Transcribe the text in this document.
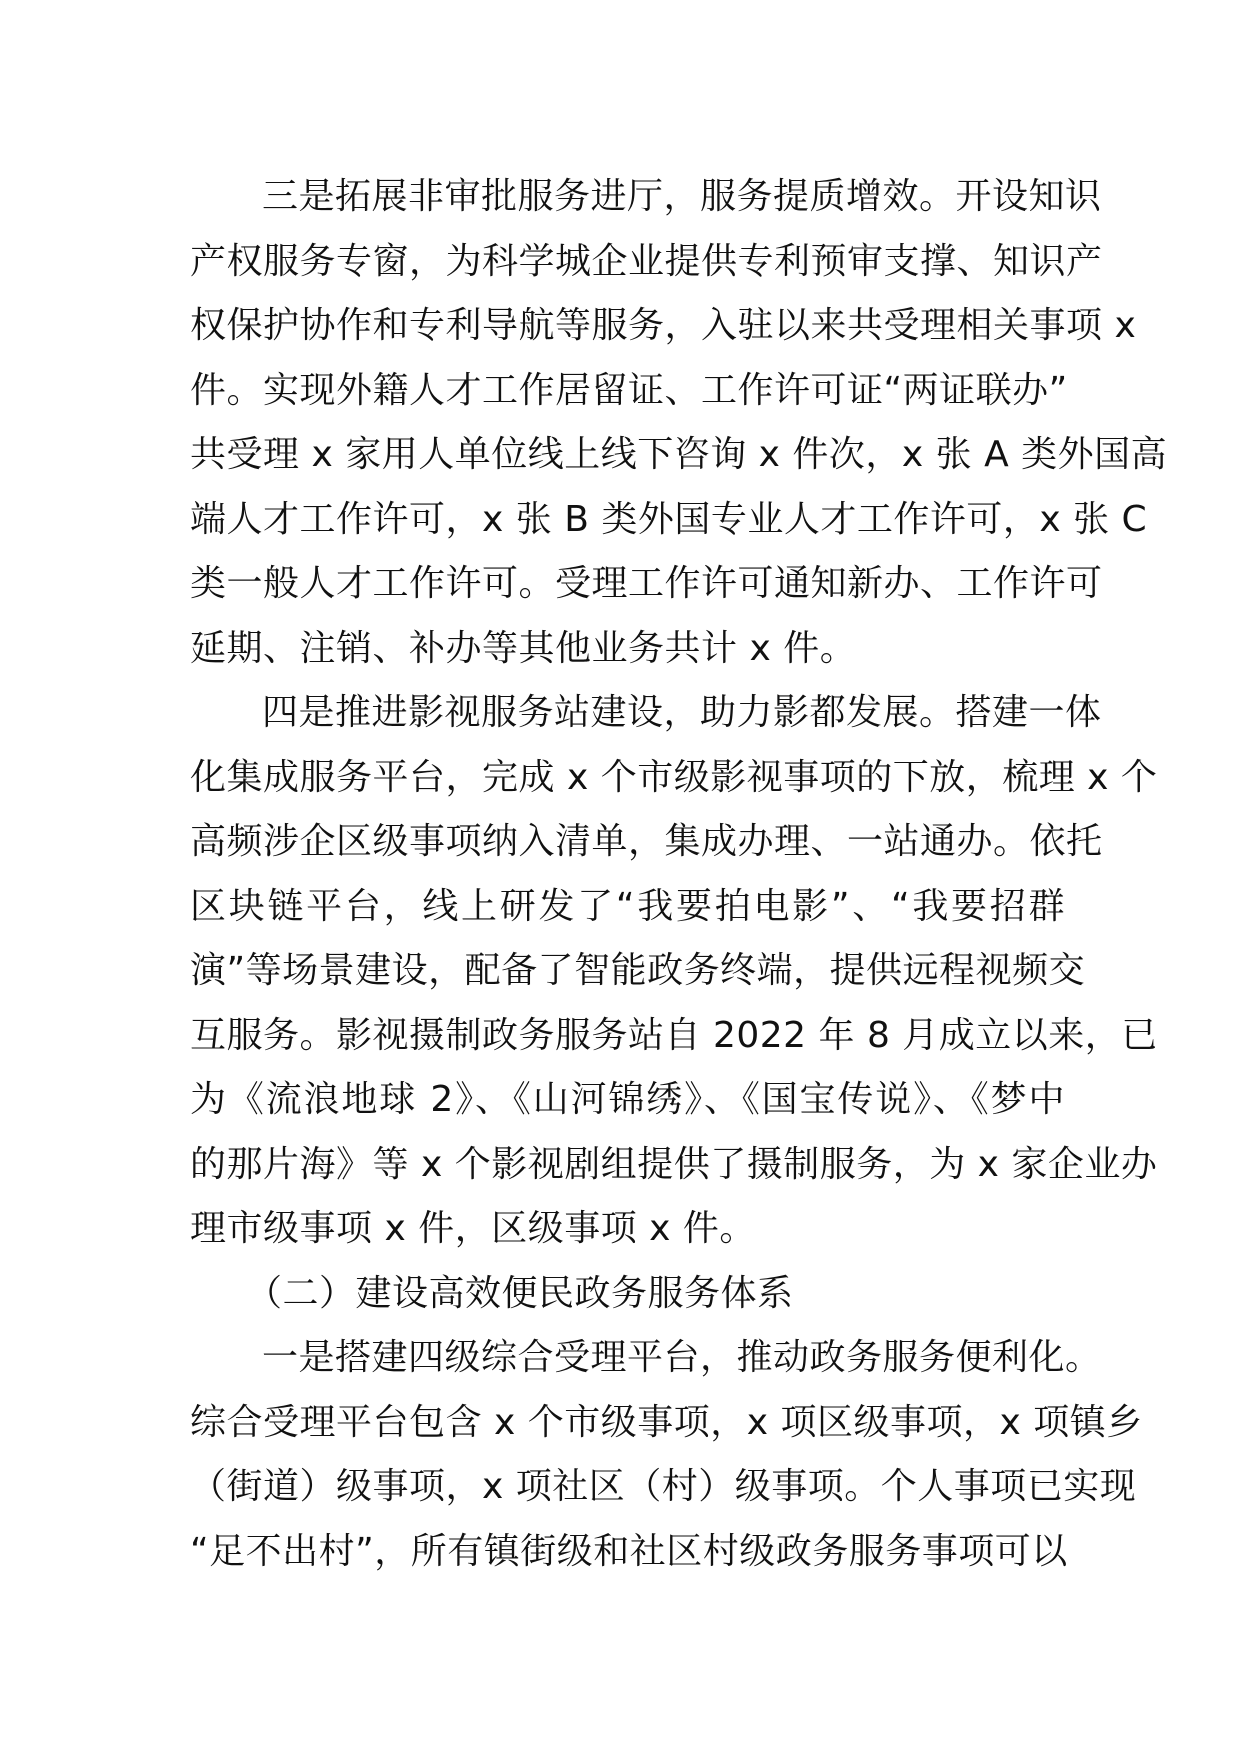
三是拓展非审批服务进厅，服务提质增效。开设知识
产权服务专窗，为科学城企业提供专利预审支撑、知识产
权保护协作和专利导航等服务，入驻以来共受理相关事项 x
件。实现外籍人才工作居留证、工作许可证“两证联办”
共受理 x 家用人单位线上线下咨询 x 件次，x 张 A 类外国高
端人才工作许可，x 张 B 类外国专业人才工作许可，x 张 C
类一般人才工作许可。受理工作许可通知新办、工作许可
延期、注销、补办等其他业务共计 x 件。
四是推进影视服务站建设，助力影都发展。搭建一体
化集成服务平台，完成 x 个市级影视事项的下放，梳理 x 个
高频涉企区级事项纳入清单，集成办理、一站通办。依托
区块链平台，线上研发了“我要拍电影”、“我要招群
演”等场景建设，配备了智能政务终端，提供远程视频交
互服务。影视摄制政务服务站自 2022 年 8 月成立以来，已
为《流浪地球 2》、《山河锦绣》、《国宝传说》、《梦中
的那片海》等 x 个影视剧组提供了摄制服务，为 x 家企业办
理市级事项 x 件，区级事项 x 件。
（二）建设高效便民政务服务体系
一是搭建四级综合受理平台，推动政务服务便利化。
综合受理平台包含 x 个市级事项，x 项区级事项，x 项镇乡
（街道）级事项，x 项社区（村）级事项。个人事项已实现
“足不出村”，所有镇街级和社区村级政务服务事项可以
